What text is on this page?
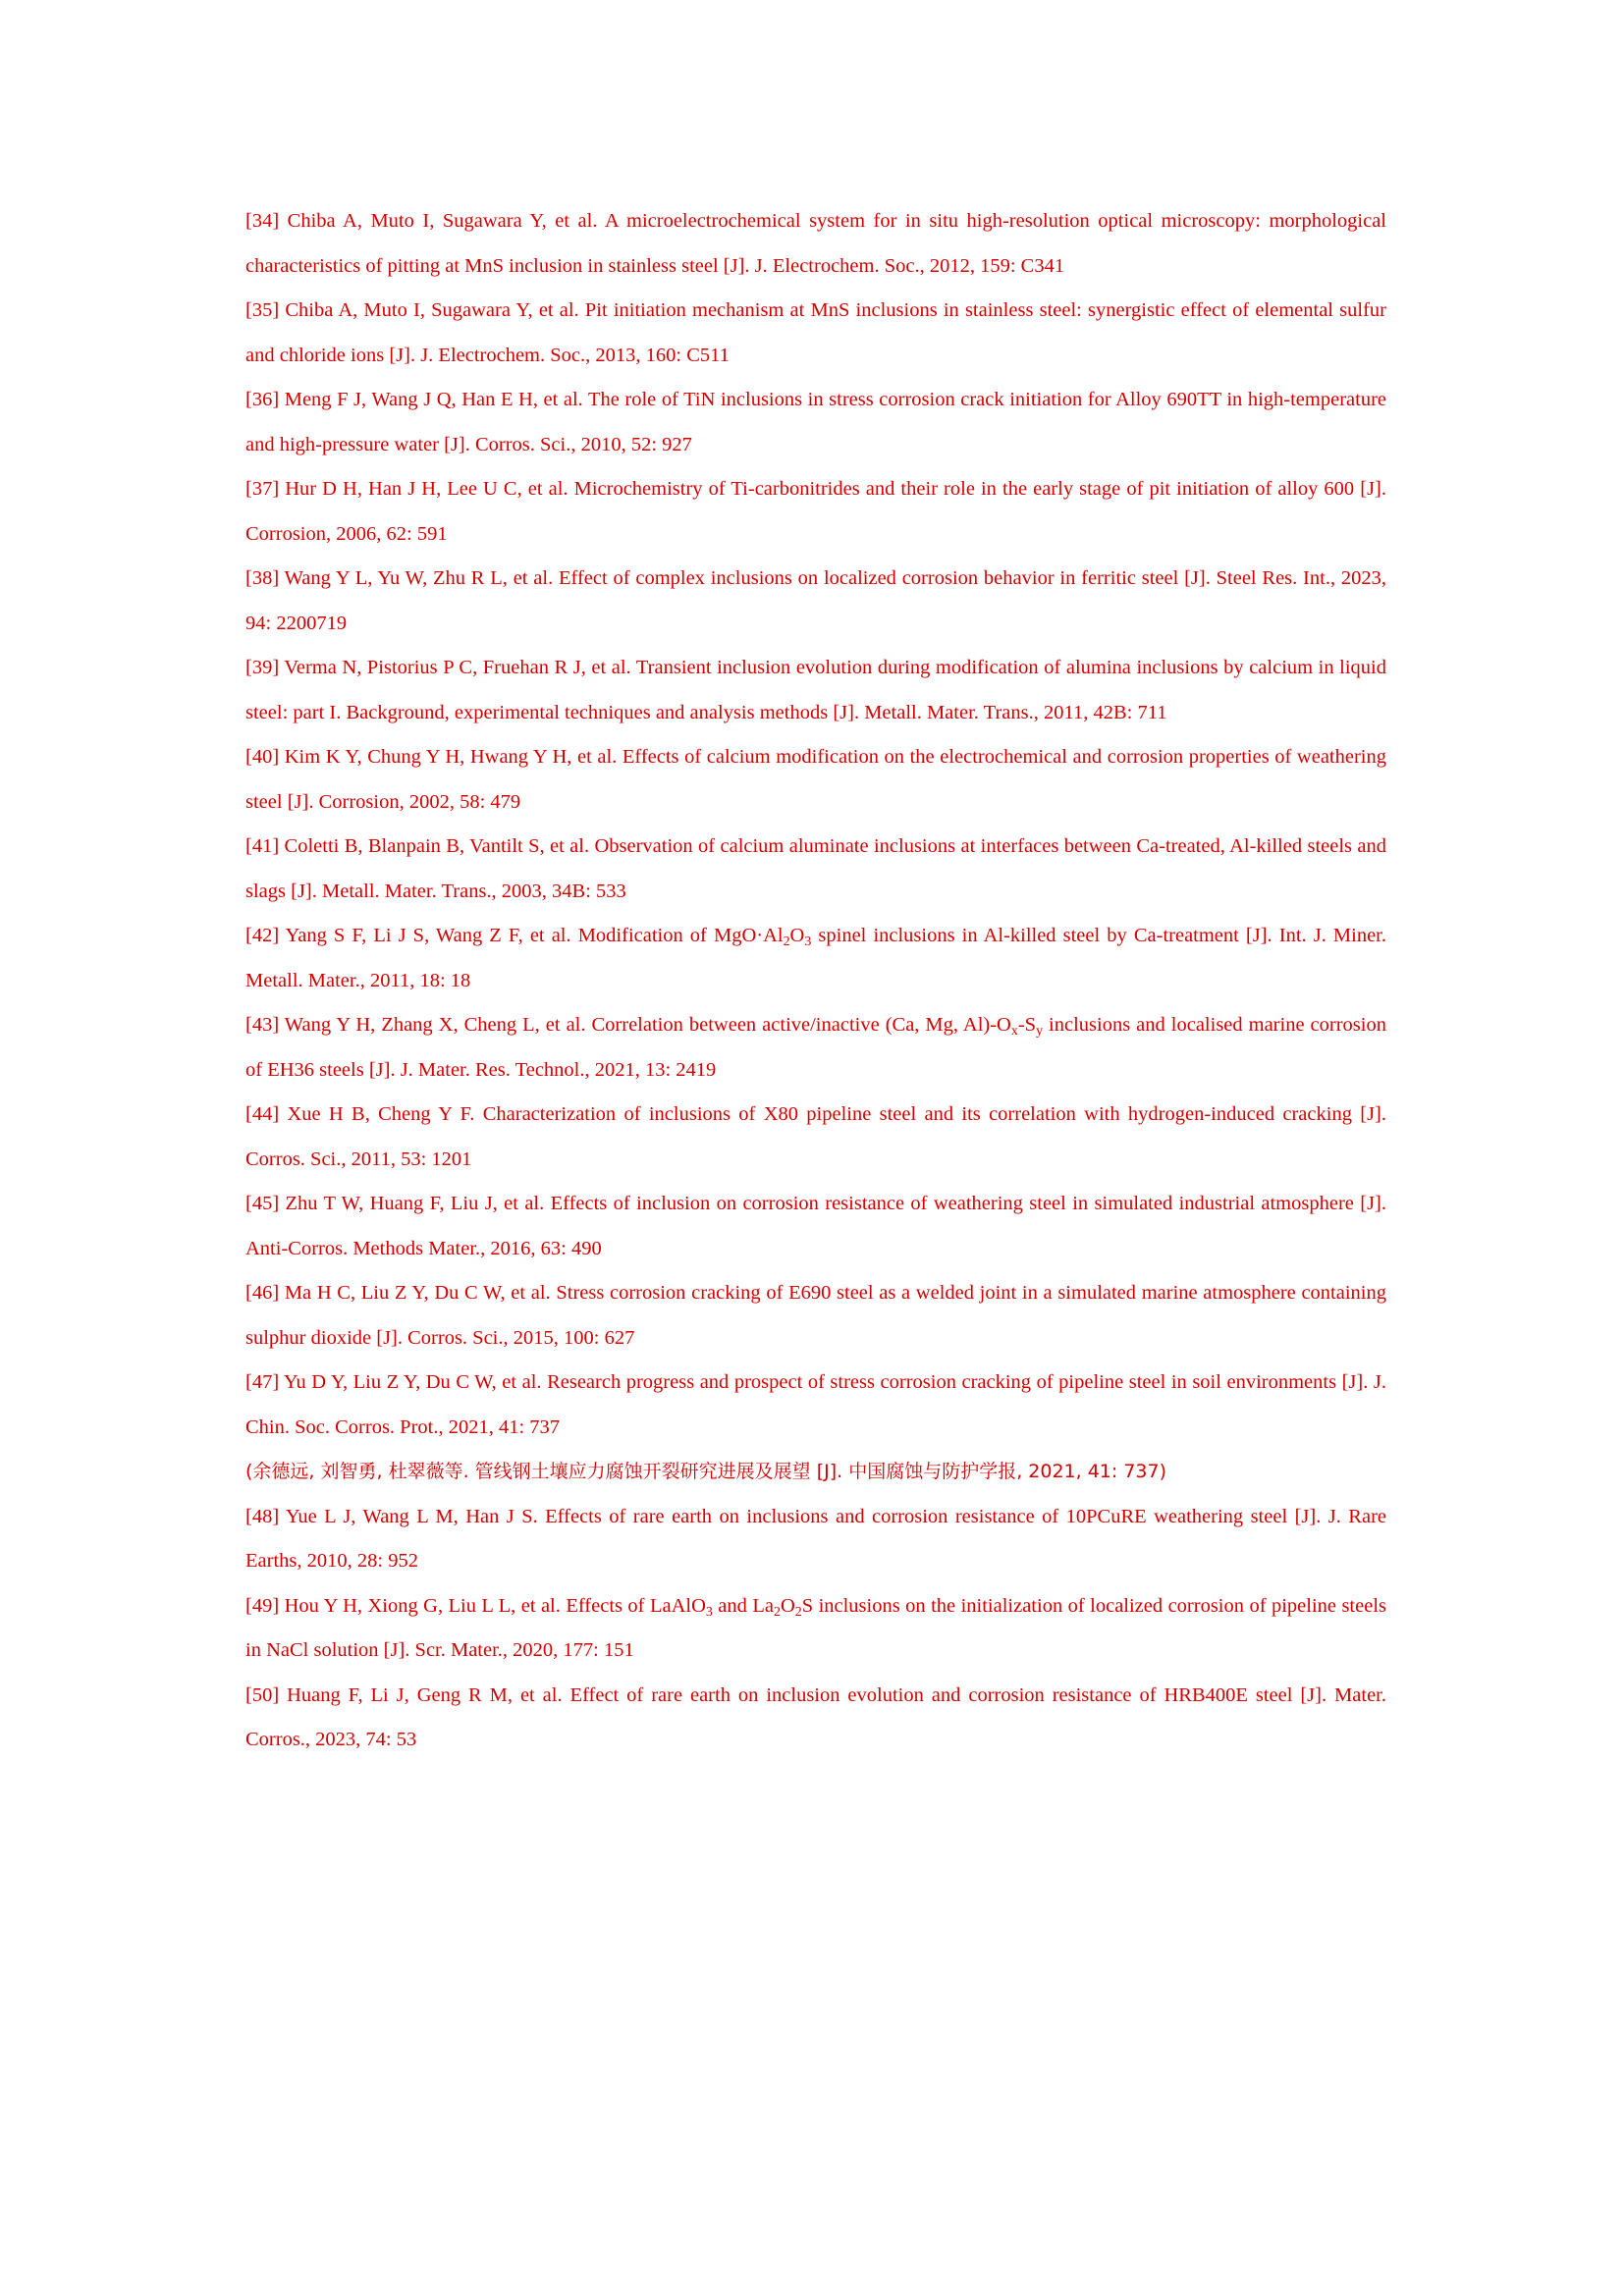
[34] Chiba A, Muto I, Sugawara Y, et al. A microelectrochemical system for in situ high-resolution optical microscopy: morphological characteristics of pitting at MnS inclusion in stainless steel [J]. J. Electrochem. Soc., 2012, 159: C341
[35] Chiba A, Muto I, Sugawara Y, et al. Pit initiation mechanism at MnS inclusions in stainless steel: synergistic effect of elemental sulfur and chloride ions [J]. J. Electrochem. Soc., 2013, 160: C511
[36] Meng F J, Wang J Q, Han E H, et al. The role of TiN inclusions in stress corrosion crack initiation for Alloy 690TT in high-temperature and high-pressure water [J]. Corros. Sci., 2010, 52: 927
[37] Hur D H, Han J H, Lee U C, et al. Microchemistry of Ti-carbonitrides and their role in the early stage of pit initiation of alloy 600 [J]. Corrosion, 2006, 62: 591
[38] Wang Y L, Yu W, Zhu R L, et al. Effect of complex inclusions on localized corrosion behavior in ferritic steel [J]. Steel Res. Int., 2023, 94: 2200719
[39] Verma N, Pistorius P C, Fruehan R J, et al. Transient inclusion evolution during modification of alumina inclusions by calcium in liquid steel: part I. Background, experimental techniques and analysis methods [J]. Metall. Mater. Trans., 2011, 42B: 711
[40] Kim K Y, Chung Y H, Hwang Y H, et al. Effects of calcium modification on the electrochemical and corrosion properties of weathering steel [J]. Corrosion, 2002, 58: 479
[41] Coletti B, Blanpain B, Vantilt S, et al. Observation of calcium aluminate inclusions at interfaces between Ca-treated, Al-killed steels and slags [J]. Metall. Mater. Trans., 2003, 34B: 533
[42] Yang S F, Li J S, Wang Z F, et al. Modification of $MgO\cdot Al_2O_3$ spinel inclusions in Al-killed steel by Ca-treatment [J]. Int. J. Miner. Metall. Mater., 2011, 18: 18
[43] Wang Y H, Zhang X, Cheng L, et al. Correlation between active/inactive (Ca, Mg, $Al)-O_x-S_y$ inclusions and localised marine corrosion of EH36 steels [J]. J. Mater. Res. Technol., 2021, 13: 2419
[44] Xue H B, Cheng Y F. Characterization of inclusions of X80 pipeline steel and its correlation with hydrogen-induced cracking [J]. Corros. Sci., 2011, 53: 1201
[45] Zhu T W, Huang F, Liu J, et al. Effects of inclusion on corrosion resistance of weathering steel in simulated industrial atmosphere [J]. Anti-Corros. Methods Mater., 2016, 63: 490
[46] Ma H C, Liu Z Y, Du C W, et al. Stress corrosion cracking of E690 steel as a welded joint in a simulated marine atmosphere containing sulphur dioxide [J]. Corros. Sci., 2015, 100: 627
[47] Yu D Y, Liu Z Y, Du C W, et al. Research progress and prospect of stress corrosion cracking of pipeline steel in soil environments [J]. J. Chin. Soc. Corros. Prot., 2021, 41: 737
(余德远, 刘智勇, 杜翠薇等. 管线钢土壤应力腐蚀开裂研究进展及展望 [J]. 中国腐蚀与防护学报, 2021, 41: 737)
[48] Yue L J, Wang L M, Han J S. Effects of rare earth on inclusions and corrosion resistance of 10PCuRE weathering steel [J]. J. Rare Earths, 2010, 28: 952
[49] Hou Y H, Xiong G, Liu L L, et al. Effects of LaAlO$_3$ and $La_2O_2S$ inclusions on the initialization of localized corrosion of pipeline steels in NaCl solution [J]. Scr. Mater., 2020, 177: 151
[50] Huang F, Li J, Geng R M, et al. Effect of rare earth on inclusion evolution and corrosion resistance of HRB400E steel [J]. Mater. Corros., 2023, 74: 53
